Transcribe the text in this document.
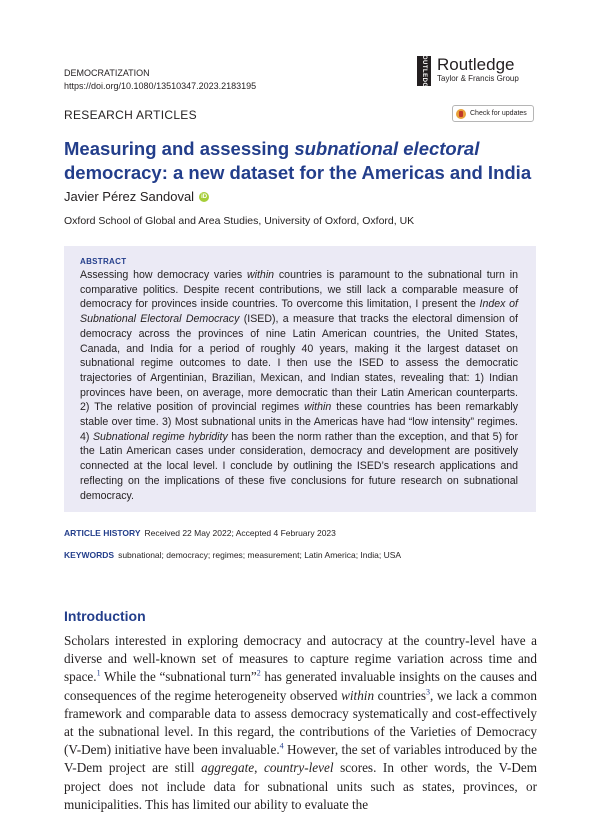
DEMOCRATIZATION
https://doi.org/10.1080/13510347.2023.2183195	ROUTLEDGE Routledge
Taylor & Francis Group
RESEARCH ARTICLES	Check for updates
Measuring and assessing subnational electoral
democracy: a new dataset for the Americas and India
Javier Pérez Sandoval	iD
Oxford School of Global and Area Studies, University of Oxford, Oxford, UK
ABSTRACT
Assessing how democracy varies within countries is paramount to the subnational turn in comparative politics. Despite recent contributions, we still lack a comparable measure of democracy for provinces inside countries. To overcome this limitation, I present the Index of Subnational Electoral Democracy (ISED), a measure that tracks the electoral dimension of democracy across the provinces of nine Latin American countries, the United States, Canada, and India for a period of roughly 40 years, making it the largest dataset on subnational regime outcomes to date. I then use the ISED to assess the democratic trajectories of Argentinian, Brazilian, Mexican, and Indian states, revealing that: 1) Indian provinces have been, on average, more democratic than their Latin American counterparts. 2) The relative position of provincial regimes within these countries has been remarkably stable over time. 3) Most subnational units in the Americas have had “low intensity” regimes. 4) Subnational regime hybridity has been the norm rather than the exception, and that 5) for the Latin American cases under consideration, democracy and development are positively connected at the local level. I conclude by outlining the ISED’s research applications and reflecting on the implications of these five conclusions for future research on subnational democracy.
ARTICLE HISTORY Received 22 May 2022; Accepted 4 February 2023
KEYWORDS subnational; democracy; regimes; measurement; Latin America; India; USA
Introduction
Scholars interested in exploring democracy and autocracy at the country-level have a diverse and well-known set of measures to capture regime variation across time and space.$^1$ While the “subnational turn”$^2$ has generated invaluable insights on the causes and consequences of the regime heterogeneity observed within countries$^3$, we lack a common framework and comparable data to assess democracy systematically and cost-effectively at the subnational level. In this regard, the contributions of the Varieties of Democracy (V-Dem) initiative have been invaluable.$^4$ However, the set of variables introduced by the V-Dem project are still aggregate, country-level scores. In other words, the V-Dem project does not include data for subnational units such as states, provinces, or municipalities. This has limited our ability to evaluate the
